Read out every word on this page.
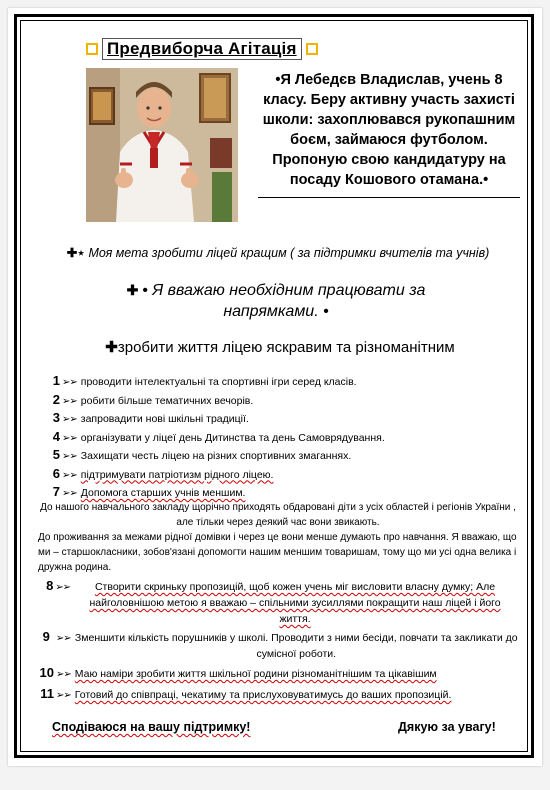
Предвиборча Агітація
•Я Лебедєв Владислав, учень 8 класу. Беру активну участь захисті школи: захоплювався рукопашним боєм, займаюся футболом. Пропоную свою кандидатуру на посаду Кошового отамана.•
✚⋆ Моя мета зробити ліцей кращим ( за підтримки вчителів та учнів)
✚ • Я вважаю необхідним працювати за напрямками. •
✚зробити життя ліцею яскравим та різноманітним
1 ➢➢ проводити інтелектуальні та спортивні ігри серед класів.
2 ➢➢ робити більше тематичних вечорів.
3 ➢➢ запровадити нові шкільні традиції.
4 ➢➢ організувати у ліцеї день Дитинства та день Самоврядування.
5 ➢➢ Захищати честь ліцею на різних спортивних змаганнях.
6 ➢➢ підтримувати патріотизм рідного ліцею.
7 ➢➢ Допомога старших учнів меншим.
До нашого навчального закладу щорічно приходять обдаровані діти з усіх областей і регіонів України , але тільки через деякий час вони звикають.
До проживання за межами рідної домівки і через це вони менше думають про навчання. Я вважаю, що ми – старшокласники, зобов'язані допомогти нашим меншим товаришам, тому що ми усі одна велика і дружна родина.
8 ➢➢	Створити скриньку пропозицій, щоб кожен учень міг висловити власну думку; Але найголовнішою метою я вважаю – спільними зусиллями покращити наш ліцей і його життя.
9 ➢➢ Зменшити кількість порушників у школі. Проводити з ними бесіди, повчати та закликати до сумісної роботи.
10 ➢➢ Маю наміри зробити життя шкільної родини різноманітнішим та цікавішим
11 ➢➢ Готовий до співпраці, чекатиму та прислуховуватимусь до ваших пропозицій.
Сподіваюся на вашу підтримку!	Дякую за увагу!
